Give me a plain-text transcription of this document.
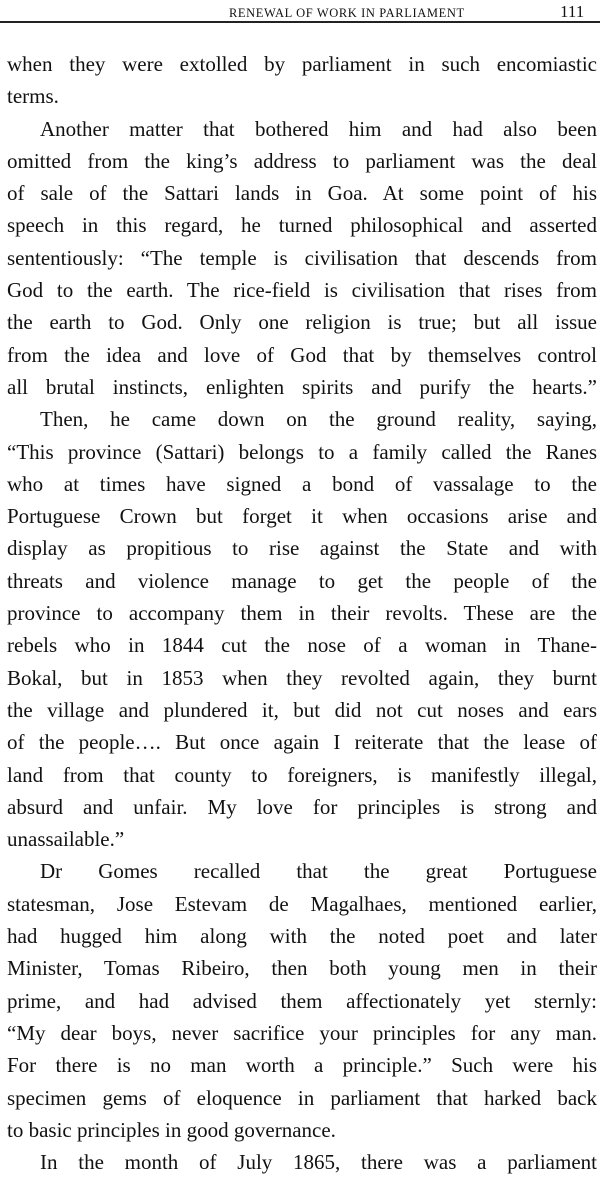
RENEWAL OF WORK IN PARLIAMENT	111
when they were extolled by parliament in such encomiastic
terms.
Another matter that bothered him and had also been
omitted from the king’s address to parliament was the deal
of sale of the Sattari lands in Goa. At some point of his
speech in this regard, he turned philosophical and asserted
sententiously: “The temple is civilisation that descends from
God to the earth. The rice-field is civilisation that rises from
the earth to God. Only one religion is true; but all issue
from the idea and love of God that by themselves control
all brutal instincts, enlighten spirits and purify the hearts.”
Then, he came down on the ground reality, saying,
“This province (Sattari) belongs to a family called the Ranes
who at times have signed a bond of vassalage to the
Portuguese Crown but forget it when occasions arise and
display as propitious to rise against the State and with
threats and violence manage to get the people of the
province to accompany them in their revolts. These are the
rebels who in 1844 cut the nose of a woman in Thane-
Bokal, but in 1853 when they revolted again, they burnt
the village and plundered it, but did not cut noses and ears
of the people…. But once again I reiterate that the lease of
land from that county to foreigners, is manifestly illegal,
absurd and unfair. My love for principles is strong and
unassailable.”
Dr Gomes recalled that the great Portuguese
statesman, Jose Estevam de Magalhaes, mentioned earlier,
had hugged him along with the noted poet and later
Minister, Tomas Ribeiro, then both young men in their
prime, and had advised them affectionately yet sternly:
“My dear boys, never sacrifice your principles for any man.
For there is no man worth a principle.” Such were his
specimen gems of eloquence in parliament that harked back
to basic principles in good governance.
In the month of July 1865, there was a parliament
